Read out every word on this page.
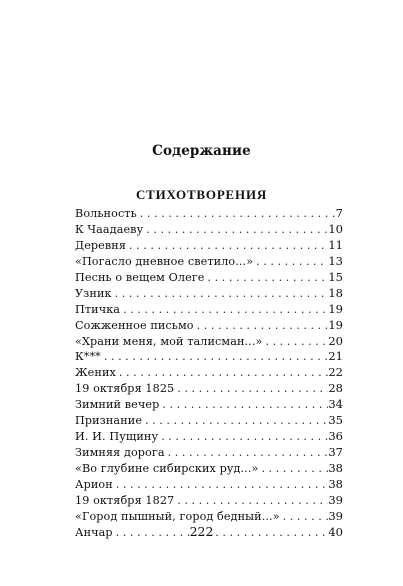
Содержание
СТИХОТВОРЕНИЯ
Вольность . . .	7
К Чаадаеву . . .	10
Деревня . . .	11
«Погасло дневное светило...» . . .	13
Песнь о вещем Олеге . . .	15
Узник . . .	18
Птичка . . .	19
Сожженное письмо . . .	19
«Храни меня, мой талисман...» . . .	20
К*** . . .	21
Жених . . .	22
19 октября 1825 . . .	28
Зимний вечер . . .	34
Признание . . .	35
И. И. Пущину . . .	36
Зимняя дорога . . .	37
«Во глубине сибирских руд...» . . .	38
Арион . . .	38
19 октября 1827 . . .	39
«Город пышный, город бедный...» . . .	39
Анчар . . .	40
222
